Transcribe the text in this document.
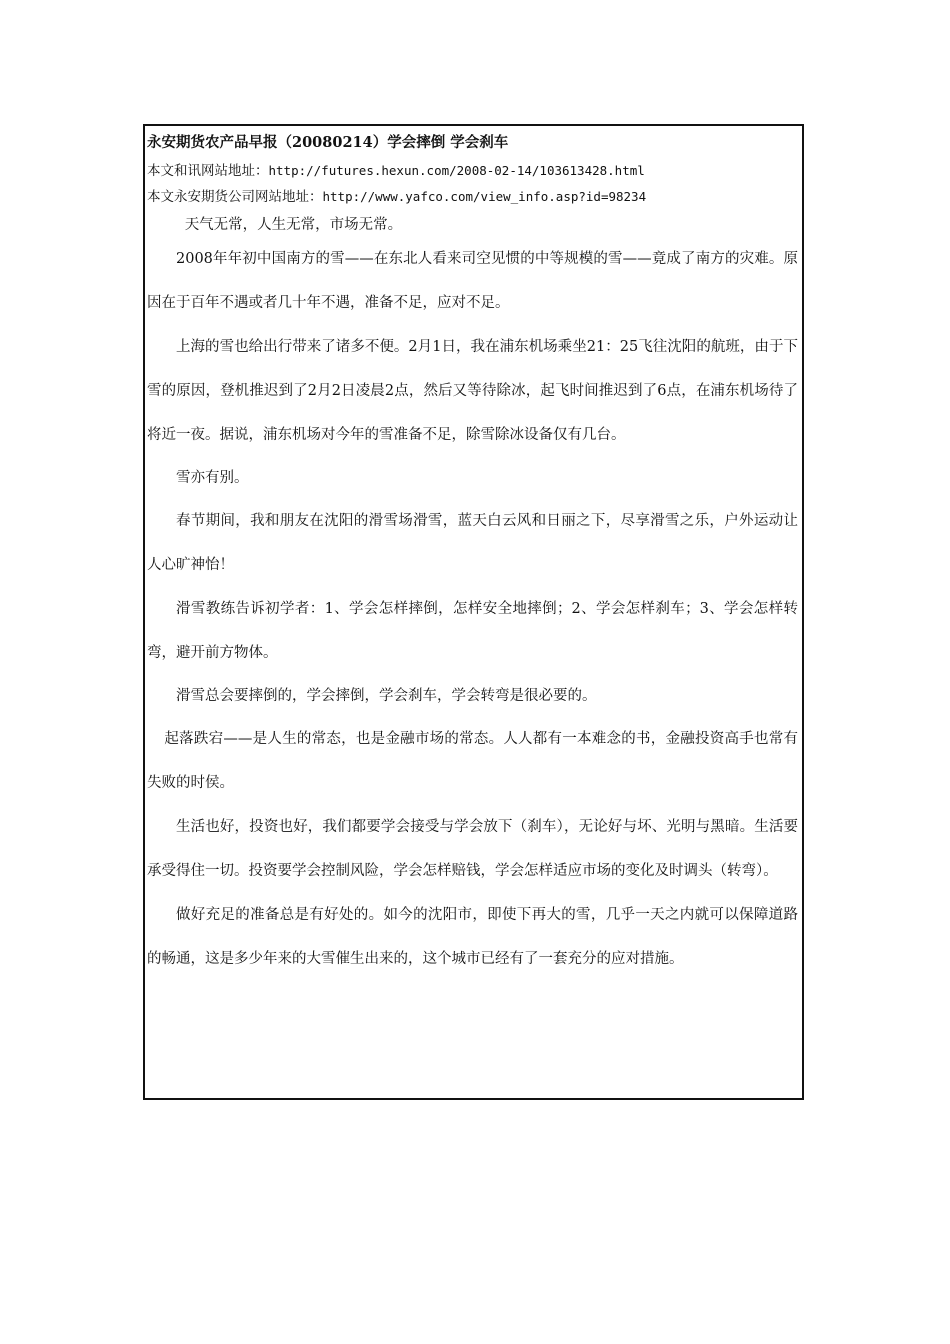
永安期货农产品早报（20080214）学会摔倒 学会刹车

本文和讯网站地址：http://futures.hexun.com/2008-02-14/103613428.html

本文永安期货公司网站地址：http://www.yafco.com/view_info.asp?id=98234

天气无常，人生无常，市场无常。

2008年年初中国南方的雪——在东北人看来司空见惯的中等规模的雪——竟成了南方的灾难。原因在于百年不遇或者几十年不遇，准备不足，应对不足。

上海的雪也给出行带来了诸多不便。2月1日，我在浦东机场乘坐21：25飞往沈阳的航班，由于下雪的原因，登机推迟到了2月2日凌晨2点，然后又等待除冰，起飞时间推迟到了6点，在浦东机场待了将近一夜。据说，浦东机场对今年的雪准备不足，除雪除冰设备仅有几台。

雪亦有别。

春节期间，我和朋友在沈阳的滑雪场滑雪，蓝天白云风和日丽之下，尽享滑雪之乐，户外运动让人心旷神怡！

滑雪教练告诉初学者：1、学会怎样摔倒，怎样安全地摔倒；2、学会怎样刹车；3、学会怎样转弯，避开前方物体。

滑雪总会要摔倒的，学会摔倒，学会刹车，学会转弯是很必要的。

起落跌宕——是人生的常态，也是金融市场的常态。人人都有一本难念的书，金融投资高手也常有失败的时侯。

生活也好，投资也好，我们都要学会接受与学会放下（刹车），无论好与坏、光明与黑暗。生活要承受得住一切。投资要学会控制风险，学会怎样赔钱，学会怎样适应市场的变化及时调头（转弯）。

做好充足的准备总是有好处的。如今的沈阳市，即使下再大的雪，几乎一天之内就可以保障道路的畅通，这是多少年来的大雪催生出来的，这个城市已经有了一套充分的应对措施。
